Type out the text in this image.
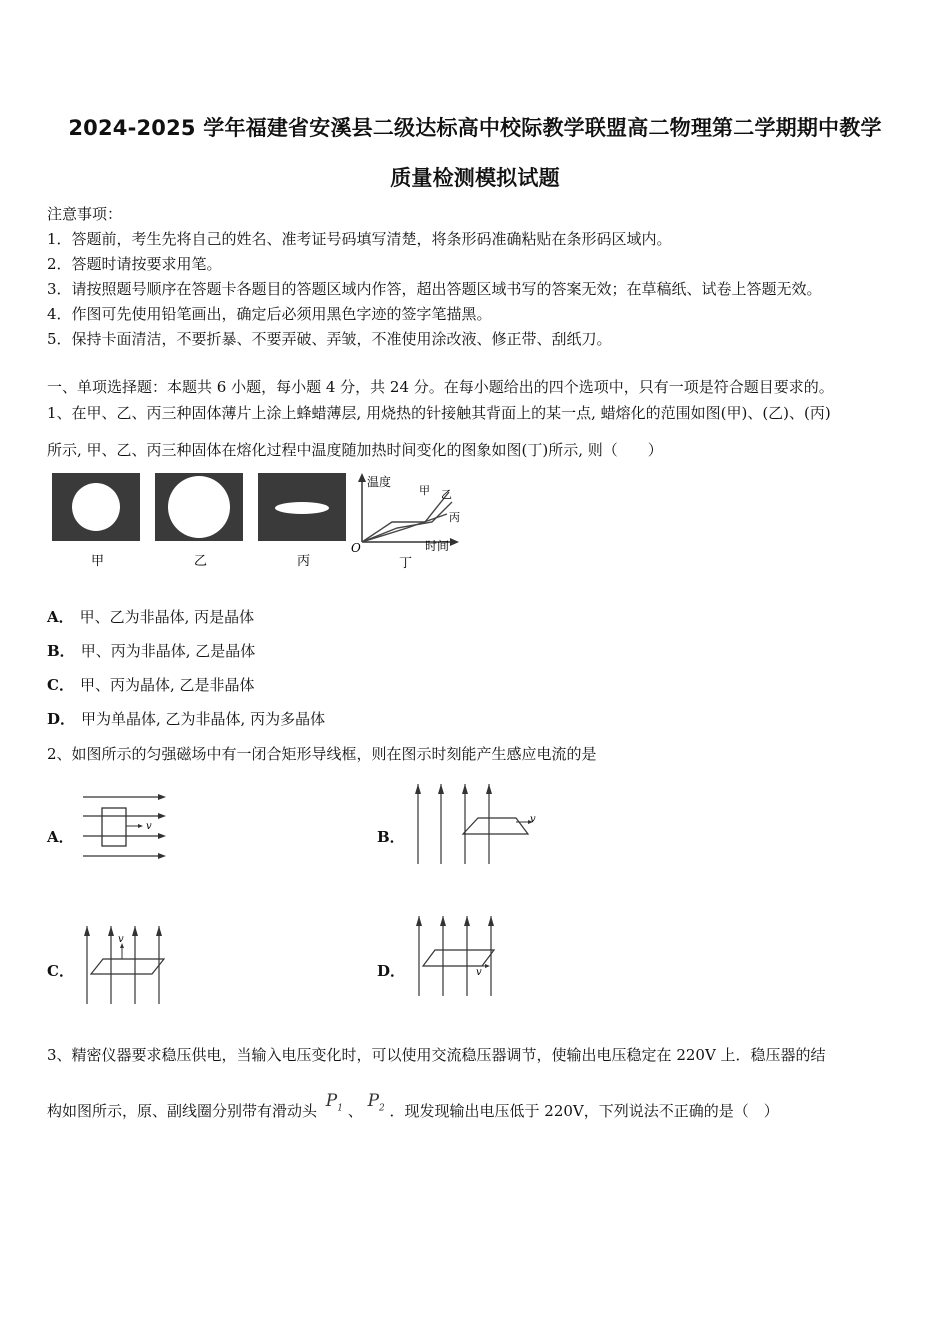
2024-2025 学年福建省安溪县二级达标高中校际教学联盟高二物理第二学期期中教学
质量检测模拟试题
注意事项：
1．答题前，考生先将自己的姓名、准考证号码填写清楚，将条形码准确粘贴在条形码区域内。
2．答题时请按要求用笔。
3．请按照题号顺序在答题卡各题目的答题区域内作答，超出答题区域书写的答案无效；在草稿纸、试卷上答题无效。
4．作图可先使用铅笔画出，确定后必须用黑色字迹的签字笔描黑。
5．保持卡面清洁，不要折暴、不要弄破、弄皱，不准使用涂改液、修正带、刮纸刀。
一、单项选择题：本题共 6 小题，每小题 4 分，共 24 分。在每小题给出的四个选项中，只有一项是符合题目要求的。
1、在甲、乙、丙三种固体薄片上涂上蜂蜡薄层, 用烧热的针接触其背面上的某一点, 蜡熔化的范围如图(甲)、(乙)、(丙)
所示, 甲、乙、丙三种固体在熔化过程中温度随加热时间变化的图象如图(丁)所示, 则（　　）
温度
时间
O
甲 乙
丙
甲	乙	丙	丁
A． 甲、乙为非晶体, 丙是晶体
B． 甲、丙为非晶体, 乙是晶体
C． 甲、丙为晶体, 乙是非晶体
D． 甲为单晶体, 乙为非晶体, 丙为多晶体
2、如图所示的匀强磁场中有一闭合矩形导线框，则在图示时刻能产生感应电流的是
A．
v
B．
v
C．
v
D．	v
3、精密仪器要求稳压供电，当输入电压变化时，可以使用交流稳压器调节，使输出电压稳定在 220V 上．稳压器的结
构如图所示，原、副线圈分别带有滑动头 $P_1$ 、 $P_2$ ．现发现输出电压低于 220V，下列说法不正确的是（　）
